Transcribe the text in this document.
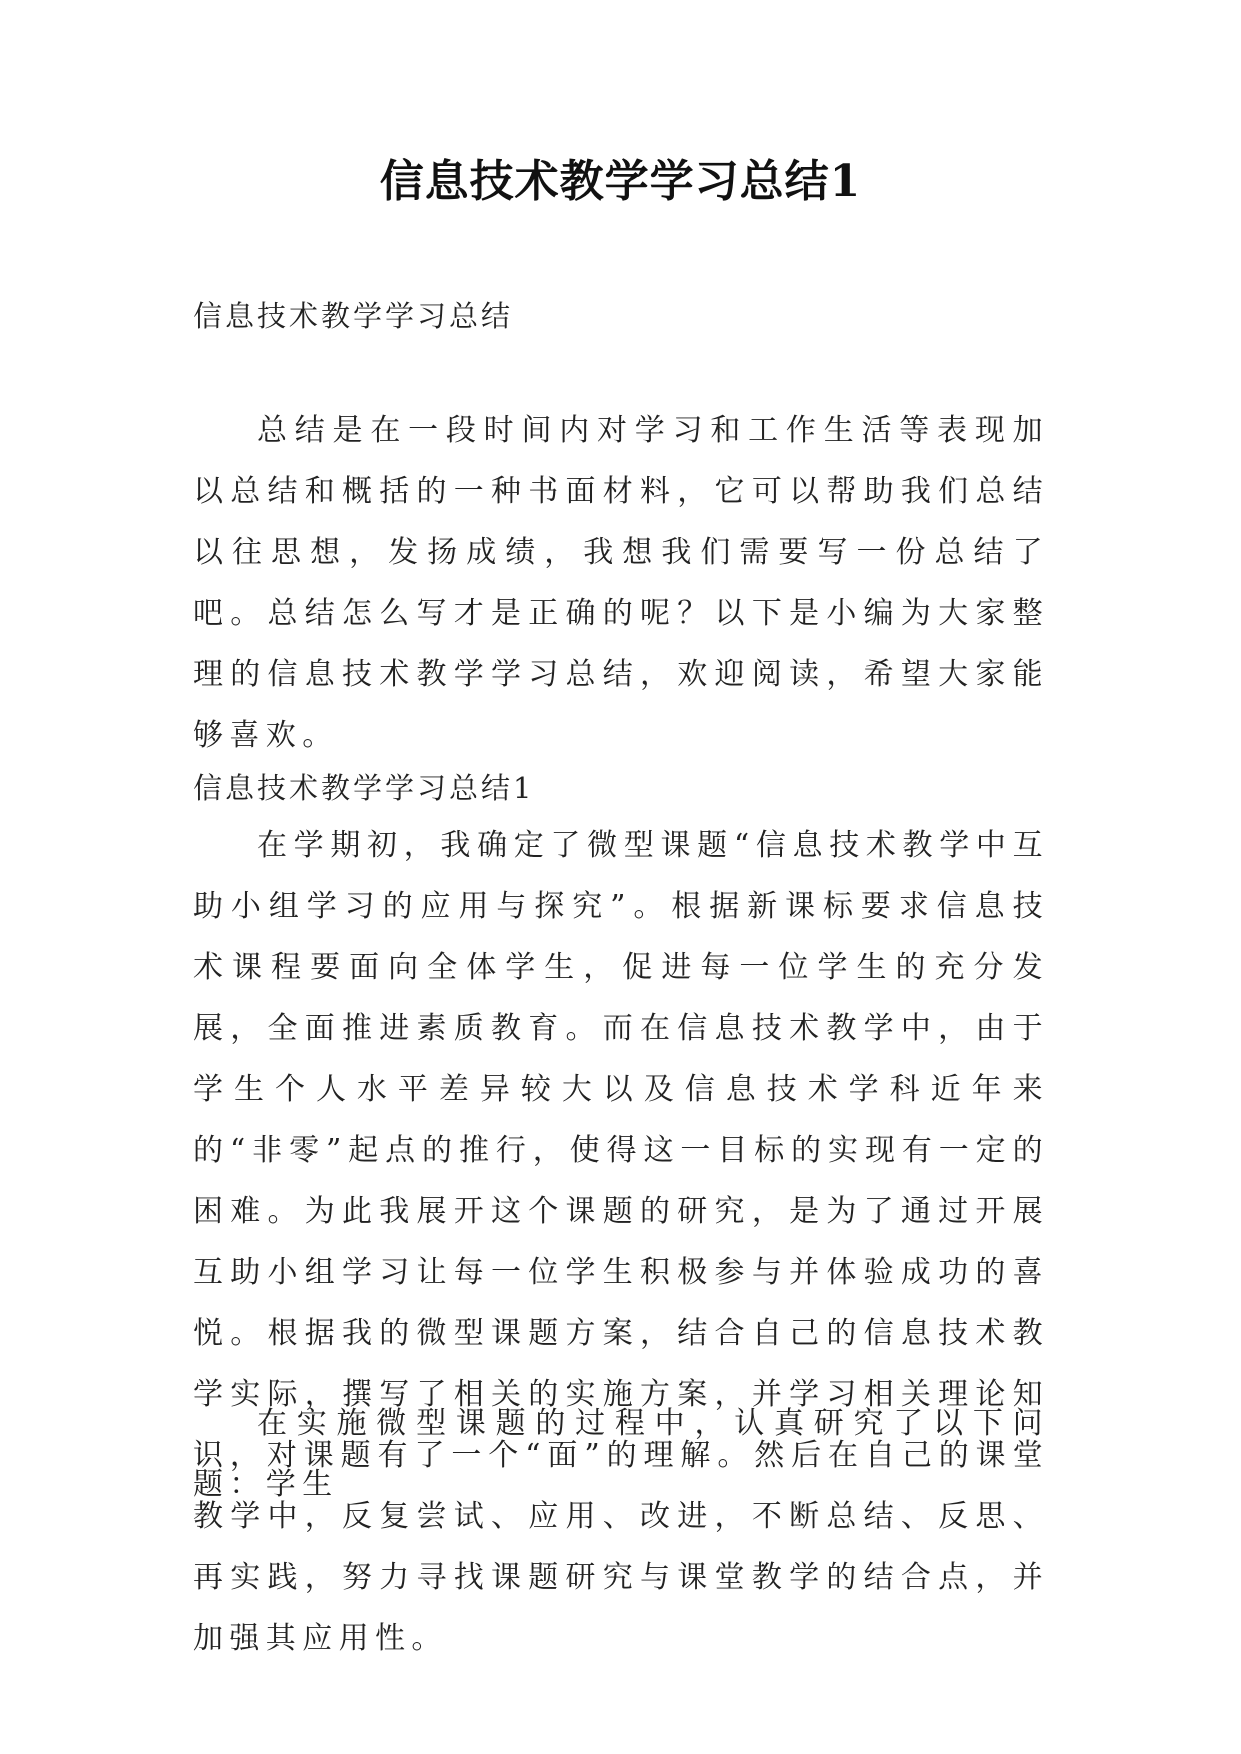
信息技术教学学习总结1
信息技术教学学习总结
总结是在一段时间内对学习和工作生活等表现加以总结和概括的一种书面材料，它可以帮助我们总结以往思想，发扬成绩，我想我们需要写一份总结了吧。总结怎么写才是正确的呢？以下是小编为大家整理的信息技术教学学习总结，欢迎阅读，希望大家能够喜欢。
信息技术教学学习总结1
在学期初，我确定了微型课题“信息技术教学中互助小组学习的应用与探究”。根据新课标要求信息技术课程要面向全体学生，促进每一位学生的充分发展，全面推进素质教育。而在信息技术教学中，由于学生个人水平差异较大以及信息技术学科近年来的“非零”起点的推行，使得这一目标的实现有一定的困难。为此我展开这个课题的研究，是为了通过开展互助小组学习让每一位学生积极参与并体验成功的喜悦。根据我的微型课题方案，结合自己的信息技术教学实际，撰写了相关的实施方案，并学习相关理论知识，对课题有了一个“面”的理解。然后在自己的课堂教学中，反复尝试、应用、改进，不断总结、反思、再实践，努力寻找课题研究与课堂教学的结合点，并加强其应用性。
在实施微型课题的过程中，认真研究了以下问题：学生
